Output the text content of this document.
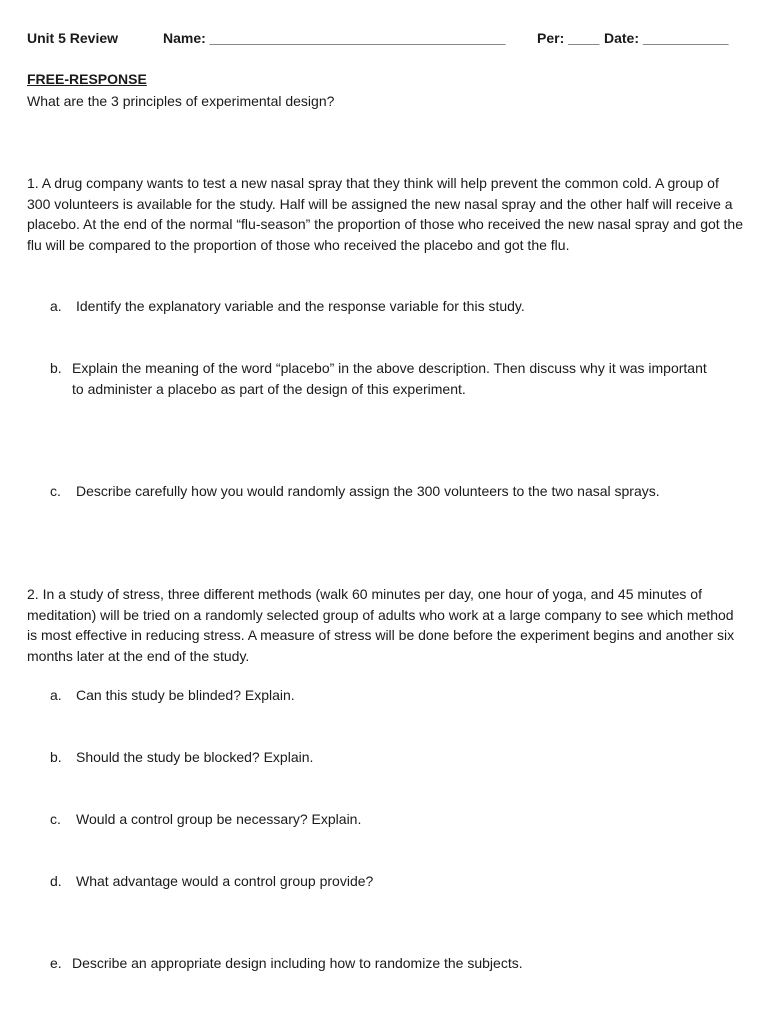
Unit 5 Review	Name: ______________________________________ Per: ____ Date: ___________
FREE-RESPONSE
What are the 3 principles of experimental design?
1. A drug company wants to test a new nasal spray that they think will help prevent the common cold. A group of 300 volunteers is available for the study. Half will be assigned the new nasal spray and the other half will receive a placebo. At the end of the normal “flu-season” the proportion of those who received the new nasal spray and got the flu will be compared to the proportion of those who received the placebo and got the flu.
a. Identify the explanatory variable and the response variable for this study.
b. Explain the meaning of the word “placebo” in the above description. Then discuss why it was important to administer a placebo as part of the design of this experiment.
c. Describe carefully how you would randomly assign the 300 volunteers to the two nasal sprays.
2. In a study of stress, three different methods (walk 60 minutes per day, one hour of yoga, and 45 minutes of meditation) will be tried on a randomly selected group of adults who work at a large company to see which method is most effective in reducing stress. A measure of stress will be done before the experiment begins and another six months later at the end of the study.
a. Can this study be blinded? Explain.
b. Should the study be blocked? Explain.
c. Would a control group be necessary? Explain.
d. What advantage would a control group provide?
e. Describe an appropriate design including how to randomize the subjects.
